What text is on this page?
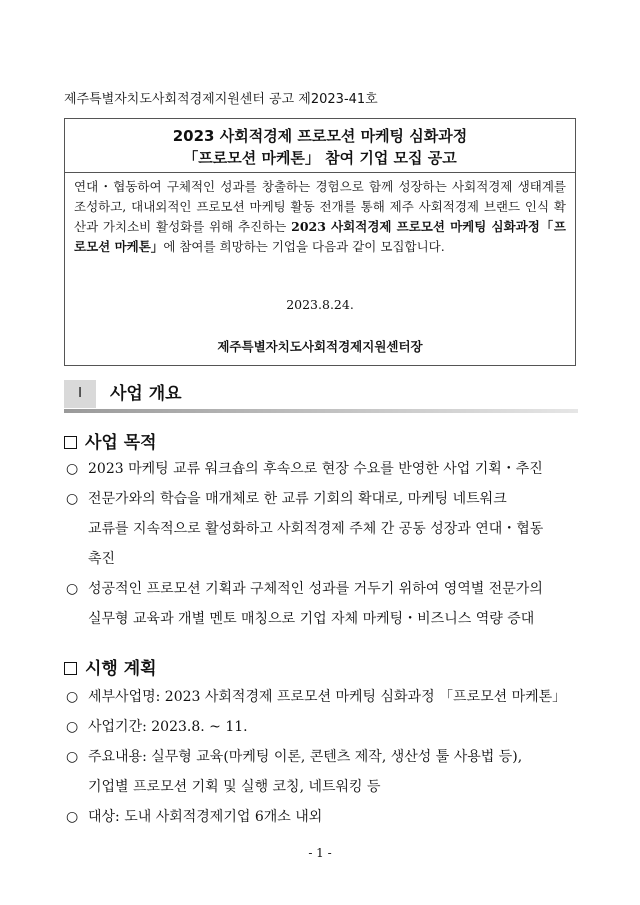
제주특별자치도사회적경제지원센터 공고 제2023-41호
2023 사회적경제 프로모션 마케팅 심화과정
「프로모션 마케톤」 참여 기업 모집 공고
연대・협동하여 구체적인 성과를 창출하는 경험으로 함께 성장하는 사회적경제 생태계를 조성하고, 대내외적인 프로모션 마케팅 활동 전개를 통해 제주 사회적경제 브랜드 인식 확산과 가치소비 활성화를 위해 추진하는 2023 사회적경제 프로모션 마케팅 심화과정「프로모션 마케톤」에 참여를 희망하는 기업을 다음과 같이 모집합니다.
2023.8.24.
제주특별자치도사회적경제지원센터장
Ⅰ	사업 개요
사업 목적
○ 2023 마케팅 교류 워크숍의 후속으로 현장 수요를 반영한 사업 기획・추진
○ 전문가와의 학습을 매개체로 한 교류 기회의 확대로, 마케팅 네트워크
교류를 지속적으로 활성화하고 사회적경제 주체 간 공동 성장과 연대・협동
촉진
○ 성공적인 프로모션 기획과 구체적인 성과를 거두기 위하여 영역별 전문가의
실무형 교육과 개별 멘토 매칭으로 기업 자체 마케팅・비즈니스 역량 증대
시행 계획
○ 세부사업명: 2023 사회적경제 프로모션 마케팅 심화과정 「프로모션 마케톤」
○ 사업기간: 2023.8. ~ 11.
○ 주요내용: 실무형 교육(마케팅 이론, 콘텐츠 제작, 생산성 툴 사용법 등),
기업별 프로모션 기획 및 실행 코칭, 네트워킹 등
○ 대상: 도내 사회적경제기업 6개소 내외
- 1 -
